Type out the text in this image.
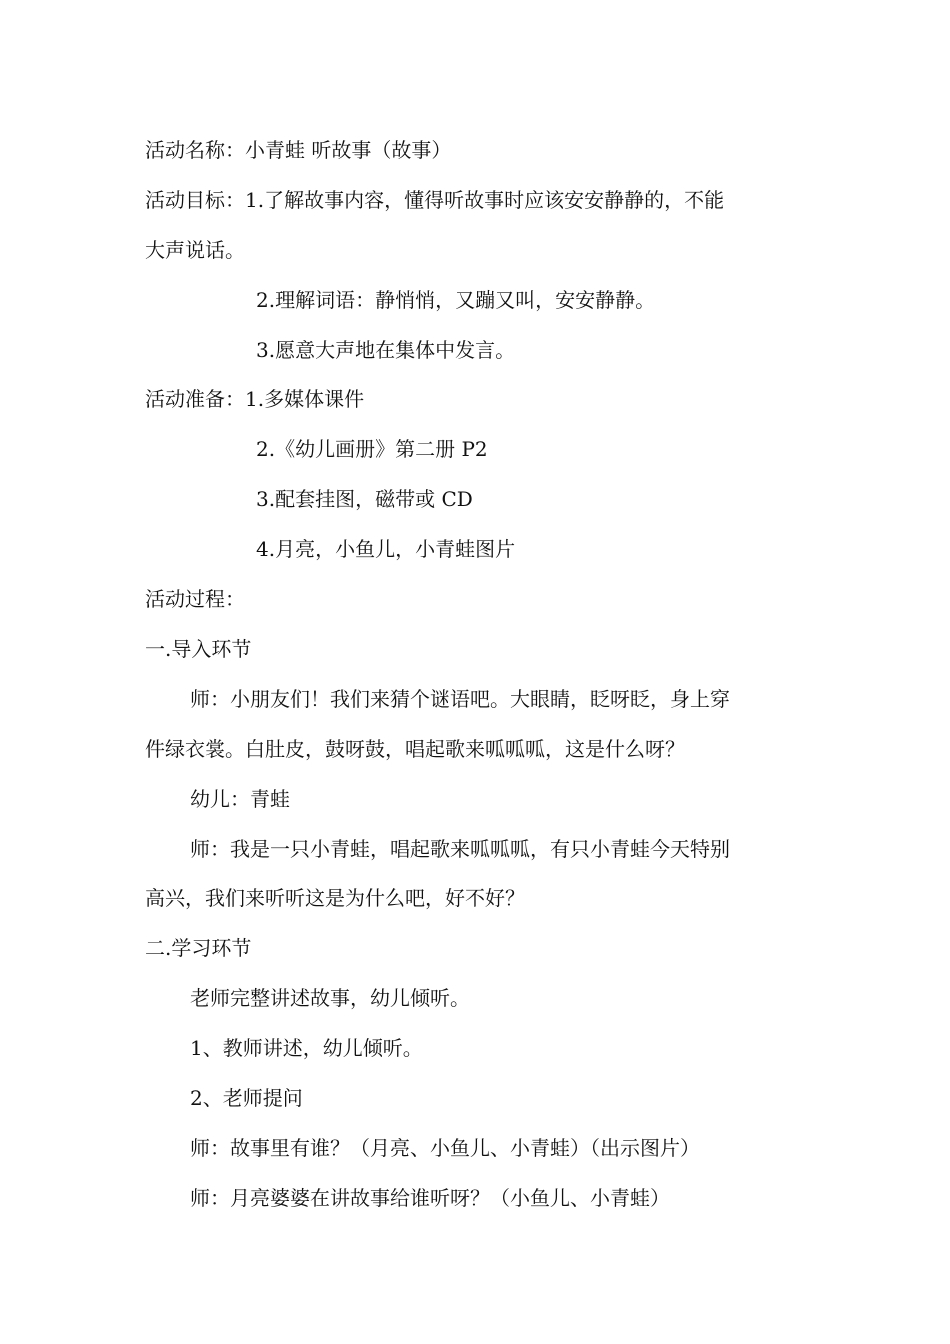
活动名称：小青蛙 听故事（故事）
活动目标：1.了解故事内容，懂得听故事时应该安安静静的，不能
大声说话。
2.理解词语：静悄悄，又蹦又叫，安安静静。
3.愿意大声地在集体中发言。
活动准备：1.多媒体课件
2.《幼儿画册》第二册 P2
3.配套挂图，磁带或 CD
4.月亮，小鱼儿，小青蛙图片
活动过程：
一.导入环节
师：小朋友们！我们来猜个谜语吧。大眼睛，眨呀眨，身上穿
件绿衣裳。白肚皮，鼓呀鼓，唱起歌来呱呱呱，这是什么呀？
幼儿：青蛙
师：我是一只小青蛙，唱起歌来呱呱呱，有只小青蛙今天特别
高兴，我们来听听这是为什么吧，好不好？
二.学习环节
老师完整讲述故事，幼儿倾听。
1、教师讲述，幼儿倾听。
2、老师提问
师：故事里有谁？（月亮、小鱼儿、小青蛙）（出示图片）
师：月亮婆婆在讲故事给谁听呀？（小鱼儿、小青蛙）
